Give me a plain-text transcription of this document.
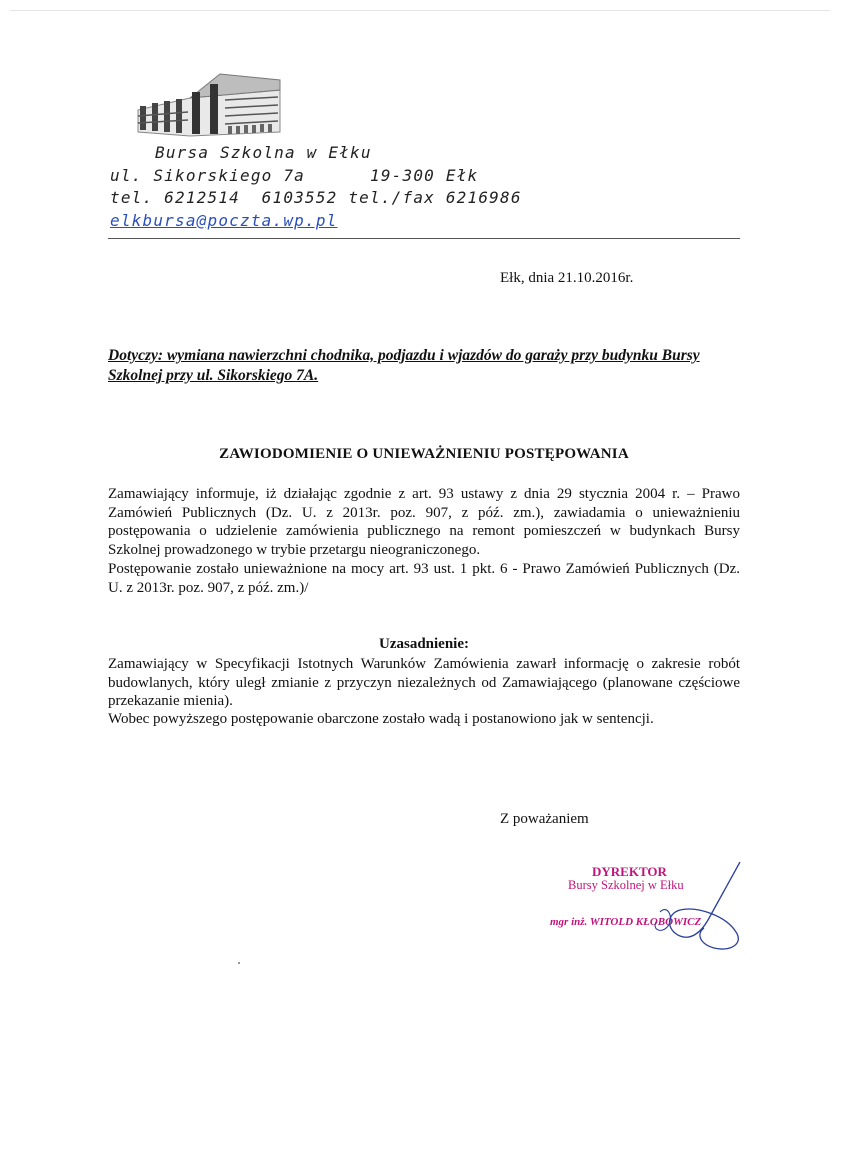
Bursa Szkolna w Ełku
ul. Sikorskiego 7a	19-300 Ełk
tel. 6212514  6103552 tel./fax 6216986
elkbursa@poczta.wp.pl
Ełk, dnia 21.10.2016r.
Dotyczy: wymiana nawierzchni chodnika, podjazdu i wjazdów do garaży przy budynku Bursy Szkolnej przy ul. Sikorskiego 7A.
ZAWIODOMIENIE O UNIEWAŻNIENIU POSTĘPOWANIA
Zamawiający informuje, iż działając zgodnie z art. 93 ustawy z dnia 29 stycznia 2004 r. – Prawo Zamówień Publicznych (Dz. U. z 2013r. poz. 907, z póź. zm.), zawiadamia o unieważnieniu postępowania o udzielenie zamówienia publicznego na remont pomieszczeń w budynkach Bursy Szkolnej prowadzonego w trybie przetargu nieograniczonego.
Postępowanie zostało unieważnione na mocy art. 93 ust. 1 pkt. 6 - Prawo Zamówień Publicznych (Dz. U. z 2013r. poz. 907, z póź. zm.)/
Uzasadnienie:
Zamawiający w Specyfikacji Istotnych Warunków Zamówienia zawarł informację o zakresie robót budowlanych, który uległ zmianie z przyczyn niezależnych od Zamawiającego (planowane częściowe przekazanie mienia).
Wobec powyższego postępowanie obarczone zostało wadą i postanowiono jak w sentencji.
Z poważaniem
DYREKTOR
Bursy Szkolnej w Ełku
mgr inż. WITOLD KŁOBOWICZ
